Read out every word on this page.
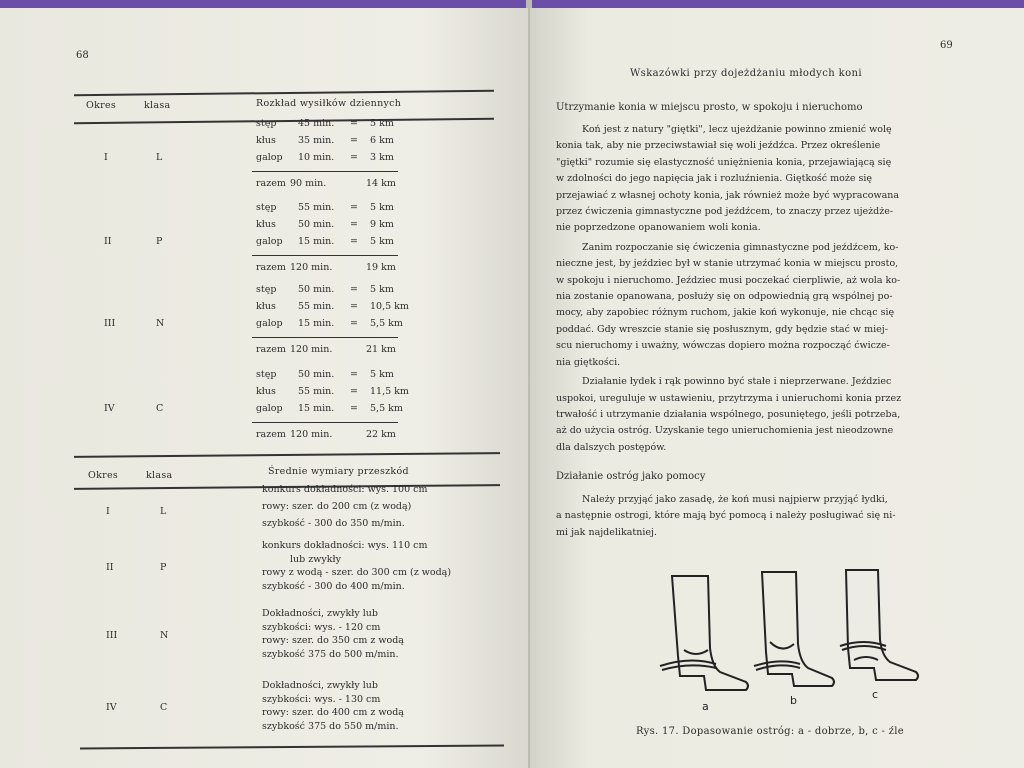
68
Okres	klasa	Rozkład wysiłków dziennych
I	L
stęp 45 min. = 5 km
kłus 35 min. = 6 km
galop 10 min. = 3 km
razem 90 min.	14 km
II	P
stęp 55 min. = 5 km
kłus 50 min. = 9 km
galop 15 min. = 5 km
razem 120 min.	19 km
III	N
stęp 50 min. = 5 km
kłus 55 min. = 10,5 km
galop 15 min. = 5,5 km
razem 120 min.	21 km
IV	C
stęp 50 min. = 5 km
kłus 55 min. = 11,5 km
galop 15 min. = 5,5 km
razem 120 min.	22 km
Okres	klasa	Średnie wymiary przeszkód
I	L
konkurs dokładności: wys. 100 cm
rowy: szer. do 200 cm (z wodą)
szybkość - 300 do 350 m/min.
II	P
konkurs dokładności: wys. 110 cm
lub zwykły
rowy z wodą - szer. do 300 cm (z wodą)
szybkość - 300 do 400 m/min.
III	N
Dokładności, zwykły lub
szybkości: wys. - 120 cm
rowy: szer. do 350 cm z wodą
szybkość 375 do 500 m/min.
IV	C
Dokładności, zwykły lub
szybkości: wys. - 130 cm
rowy: szer. do 400 cm z wodą
szybkość 375 do 550 m/min.
69
Wskazówki przy dojeżdżaniu młodych koni
Utrzymanie konia w miejscu prosto, w spokoju i nieruchomo
Koń jest z natury "giętki", lecz ujeżdżanie powinno zmienić wolę
konia tak, aby nie przeciwstawiał się woli jeźdźca. Przez określenie
"giętki" rozumie się elastyczność uniężnienia konia, przejawiającą się
w zdolności do jego napięcia jak i rozluźnienia. Giętkość może się
przejawiać z własnej ochoty konia, jak również może być wypracowana
przez ćwiczenia gimnastyczne pod jeźdźcem, to znaczy przez ujeżdże-
nie poprzedzone opanowaniem woli konia.
Zanim rozpoczanie się ćwiczenia gimnastyczne pod jeźdźcem, ko-
nieczne jest, by jeździec był w stanie utrzymać konia w miejscu prosto,
w spokoju i nieruchomo. Jeździec musi poczekać cierpliwie, aż wola ko-
nia zostanie opanowana, posłuży się on odpowiednią grą wspólnej po-
mocy, aby zapobiec różnym ruchom, jakie koń wykonuje, nie chcąc się
poddać. Gdy wreszcie stanie się posłusznym, gdy będzie stać w miej-
scu nieruchomy i uważny, wówczas dopiero można rozpocząć ćwicze-
nia giętkości.
Działanie łydek i rąk powinno być stałe i nieprzerwane. Jeździec
uspokoi, ureguluje w ustawieniu, przytrzyma i unieruchomi konia przez
trwałość i utrzymanie działania wspólnego, posuniętego, jeśli potrzeba,
aż do użycia ostróg. Uzyskanie tego unieruchomienia jest nieodzowne
dla dalszych postępów.
Działanie ostróg jako pomocy
Należy przyjąć jako zasadę, że koń musi najpierw przyjąć łydki,
a następnie ostrogi, które mają być pomocą i należy posługiwać się ni-
mi jak najdelikatniej.
a	b	c
Rys. 17. Dopasowanie ostróg: a - dobrze, b, c - źle
